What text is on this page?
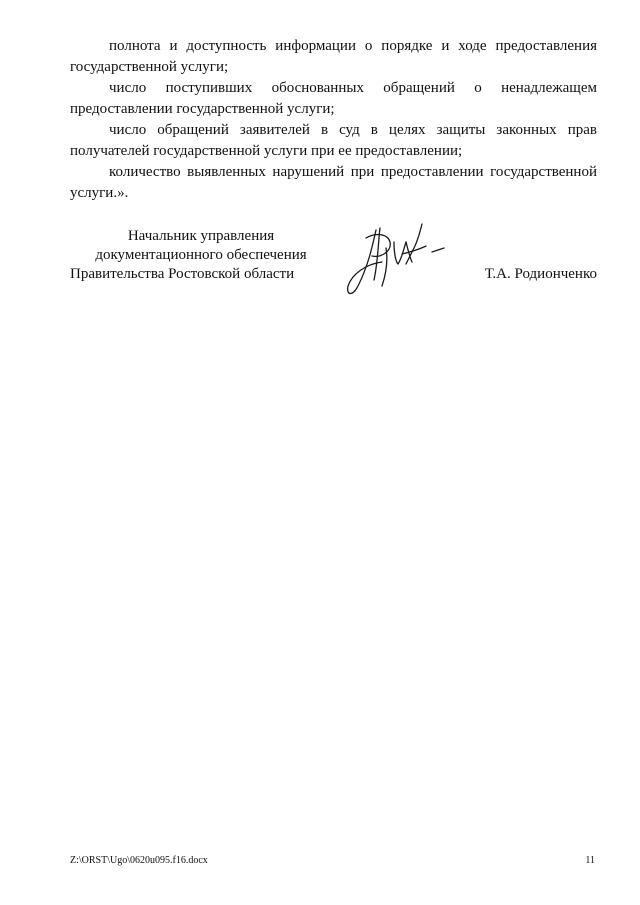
полнота и доступность информации о порядке и ходе предоставления государственной услуги;

число поступивших обоснованных обращений о ненадлежащем предоставлении государственной услуги;

число обращений заявителей в суд в целях защиты законных прав получателей государственной услуги при ее предоставлении;

количество выявленных нарушений при предоставлении государственной услуги.».

Начальник управления
документационного обеспечения
Правительства Ростовской области	Т.А. Родионченко
Z:\ORST\Ugo\0620u095.f16.docx	11
